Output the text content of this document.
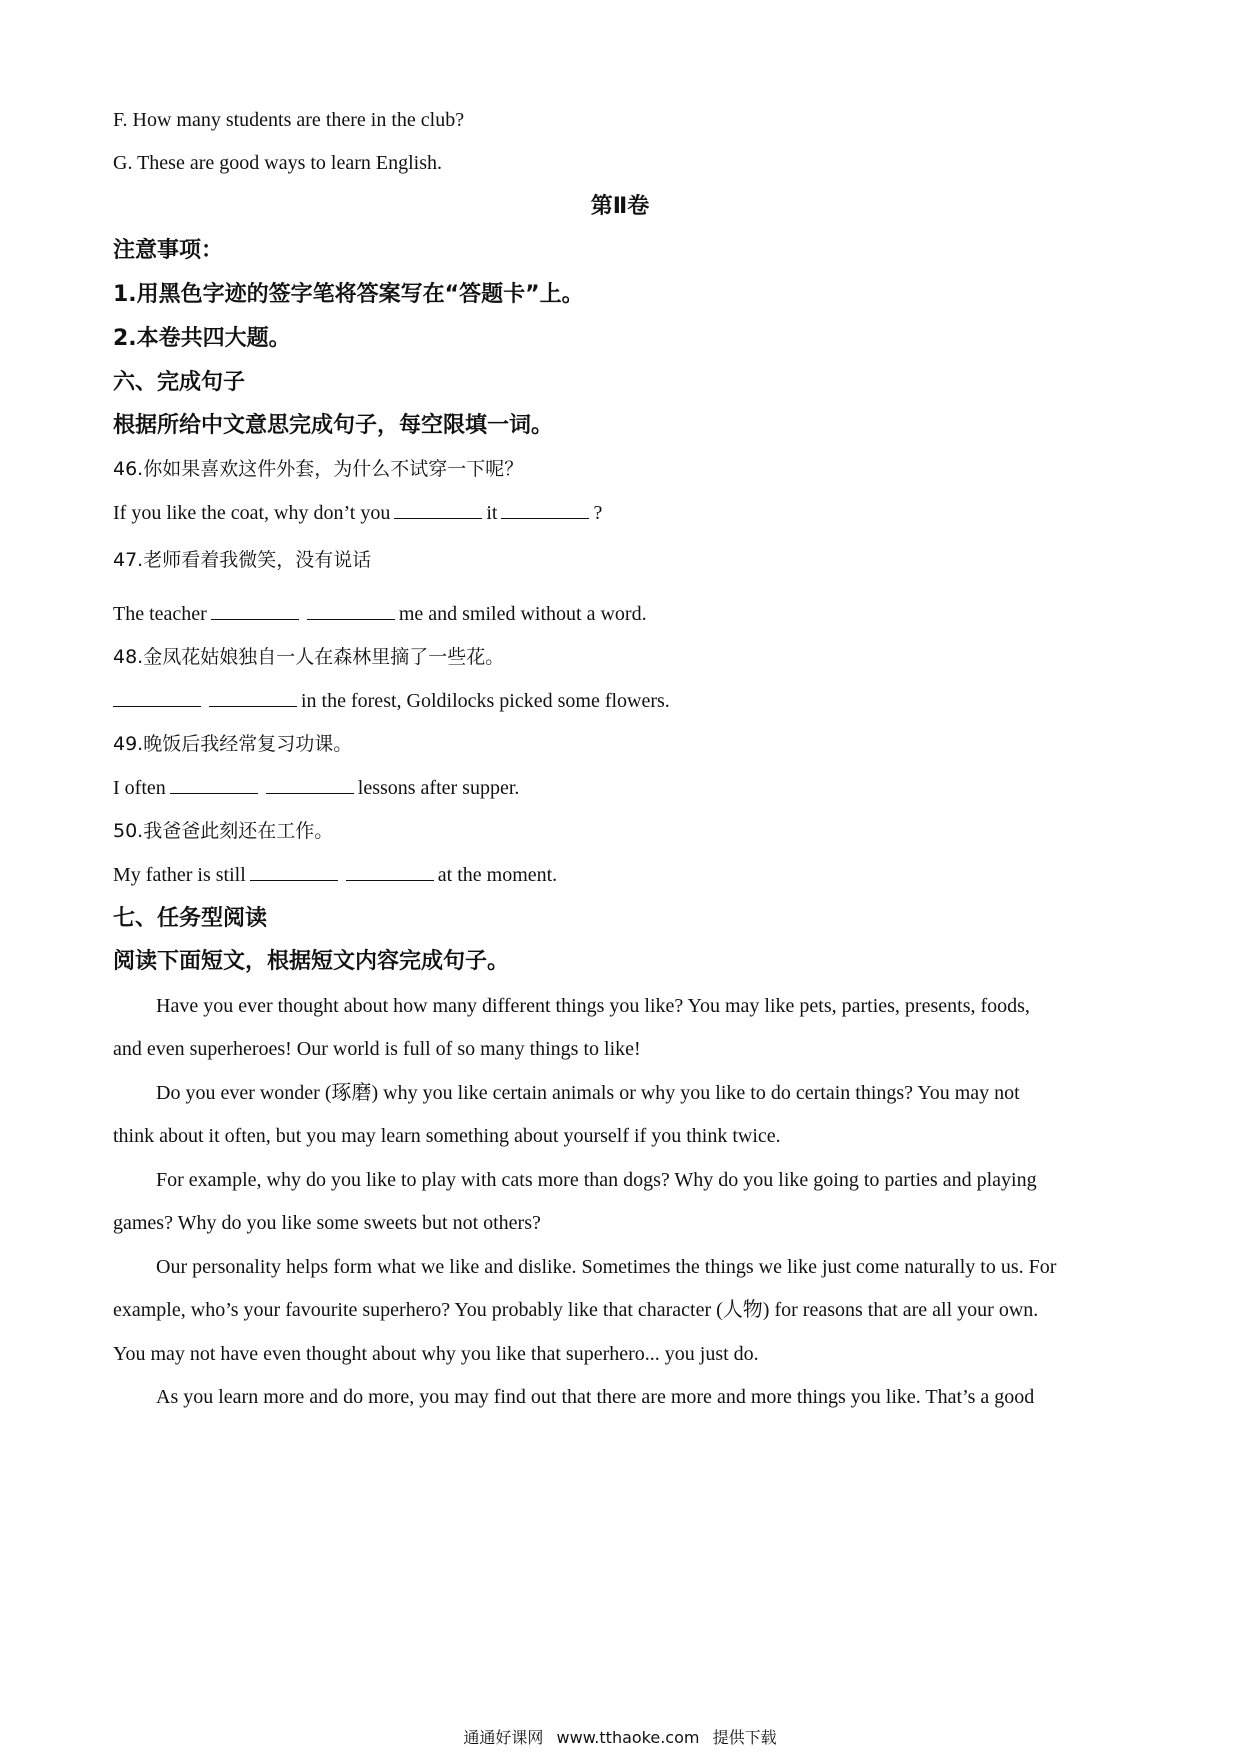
F. How many students are there in the club?
G. These are good ways to learn English.
第Ⅱ卷
注意事项：
1.用黑色字迹的签字笔将答案写在“答题卡”上。
2.本卷共四大题。
六、完成句子
根据所给中文意思完成句子，每空限填一词。
46.你如果喜欢这件外套，为什么不试穿一下呢？
If you like the coat, why don’t you	it	?
47.老师看着我微笑，没有说话
The teacher	me and smiled without a word.
48.金凤花姑娘独自一人在森林里摘了一些花。
in the forest, Goldilocks picked some flowers.
49.晚饭后我经常复习功课。
I often	lessons after supper.
50.我爸爸此刻还在工作。
My father is still	at the moment.
七、任务型阅读
阅读下面短文，根据短文内容完成句子。
Have you ever thought about how many different things you like? You may like pets, parties, presents, foods,
and even superheroes! Our world is full of so many things to like!
Do you ever wonder (琢磨) why you like certain animals or why you like to do certain things? You may not
think about it often, but you may learn something about yourself if you think twice.
For example, why do you like to play with cats more than dogs? Why do you like going to parties and playing
games? Why do you like some sweets but not others?
Our personality helps form what we like and dislike. Sometimes the things we like just come naturally to us. For
example, who’s your favourite superhero? You probably like that character (人物) for reasons that are all your own.
You may not have even thought about why you like that superhero... you just do.
As you learn more and do more, you may find out that there are more and more things you like. That’s a good
通通好课网 www.tthaoke.com 提供下载
